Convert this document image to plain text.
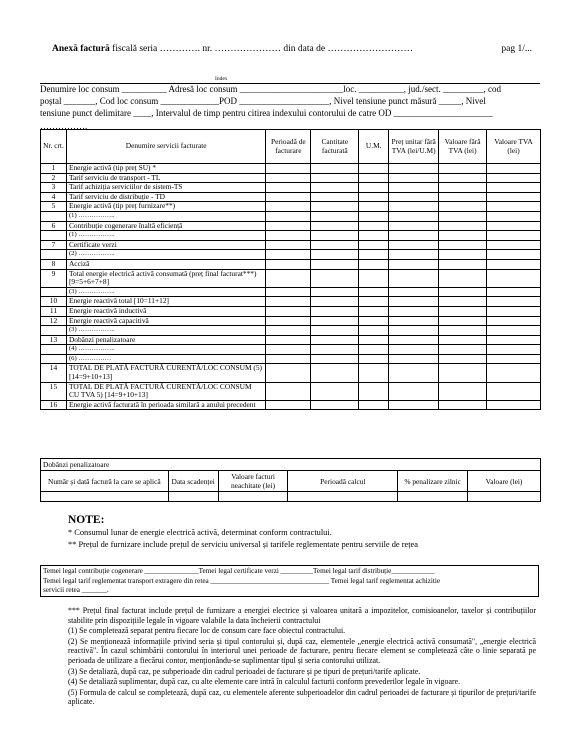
Anexă factură fiscală seria …………. nr. ………………… din data de ………………………	pag 1/...
Index

Denumire loc consum __________ Adresă loc consum _______________________loc. __________, jud./sect. _________, cod

poștal _______, Cod loc consum _____________POD ____________________, Nivel tensiune punct măsură _____, Nivel

tensiune punct delimitare ____, Intervalul de timp pentru citirea indexului contorului de catre OD ______________________

…………….

Nr. crt.	Denumire servicii facturate	Perioadă de facturare	Cantitate facturată	U.M.	Preț unitar fără TVA (lei/U.M)	Valoare fără TVA (lei)	Valoare TVA (lei)
1	Energie activă (tip preț SU) *						
2	Tarif serviciu de transport - TL						
3	Tarif achiziția serviciilor de sistem-TS						
4	Tarif serviciu de distribuție - TD						
5	Energie activă (tip preț furnizare**)						
	(1) ……………..						
6	Contribuție cogenerare înaltă eficiență						
	(1) ……………..						
7	Certificate verzi						
	(2) ……………..						
8	Acciză						
9	Total energie electrică activă consumată (preț final facturat***) [9=5+6+7+8]						
	(3) ……………..						
10	Energie reactivă total [10=11+12]						
11	Energie reactivă inductivă						
12	Energie reactivă capacitivă						
	(3) ……………..						
13	Dobânzi penalizatoare						
	(4) ……………..						
	(6) ……………						
14	TOTAL DE PLATĂ FACTURĂ CURENTĂ/LOC CONSUM (5)[14=9+10+13]						
15	TOTAL DE PLATĂ FACTURĂ CURENTĂ/LOC CONSUM CU TVA 5) [14=9+10+13]						
16	Energie activă facturată în perioada similară a anului precedent						
Dobânzi penalizatoare					
Număr și dată factură la care se aplică	Data scadenței	Valoare facturi neachitate (lei)	Perioadă calcul	% penalizare zilnic	Valoare (lei)

NOTE:

* Consumul lunar de energie electrică activă, determinat conform contractului.

** Prețul de furnizare include prețul de serviciu universal și tarifele reglementate pentru serviile de rețea

Temei legal contribuție cogenerare _______________Temei legal certificate verzi _________Temei legal tarif distribuție____________

Temei legal tarif reglementat transport extragere din retea _________________________________ Temei legal tarif reglementat achizitie

servicii retea _______.

*** Prețul final facturat include prețul de furnizare a energiei electrice și valoarea unitară a impozitelor, comisioanelor, taxelor și contribuțiilor stabilite prin dispozițiile legale în vigoare valabile la data încheierii contractului

(1) Se completează separat pentru fiecare loc de consum care face obiectul contractului.

(2) Se menționează informațiile privind seria și tipul contorului și, după caz, elementele „energie electrică activă consumată", „energie electrică reactivă". În cazul schimbării contorului în interiorul unei perioade de facturare, pentru fiecare element se completează câte o linie separată pe perioada de utilizare a fiecărui contor, menționându-se suplimentar tipul și seria contorului utilizat.

(3) Se detaliază, după caz, pe subperioade din cadrul perioadei de facturare și pe tipuri de prețuri/tarife aplicate.

(4) Se detaliază suplimentar, după caz, cu alte elemente care intră în calculul facturii conform prevederilor legale în vigoare.

(5) Formula de calcul se completează, după caz, cu elementele aferente subperioadelor din cadrul perioadei de facturare și tipurilor de prețuri/tarife aplicate.
